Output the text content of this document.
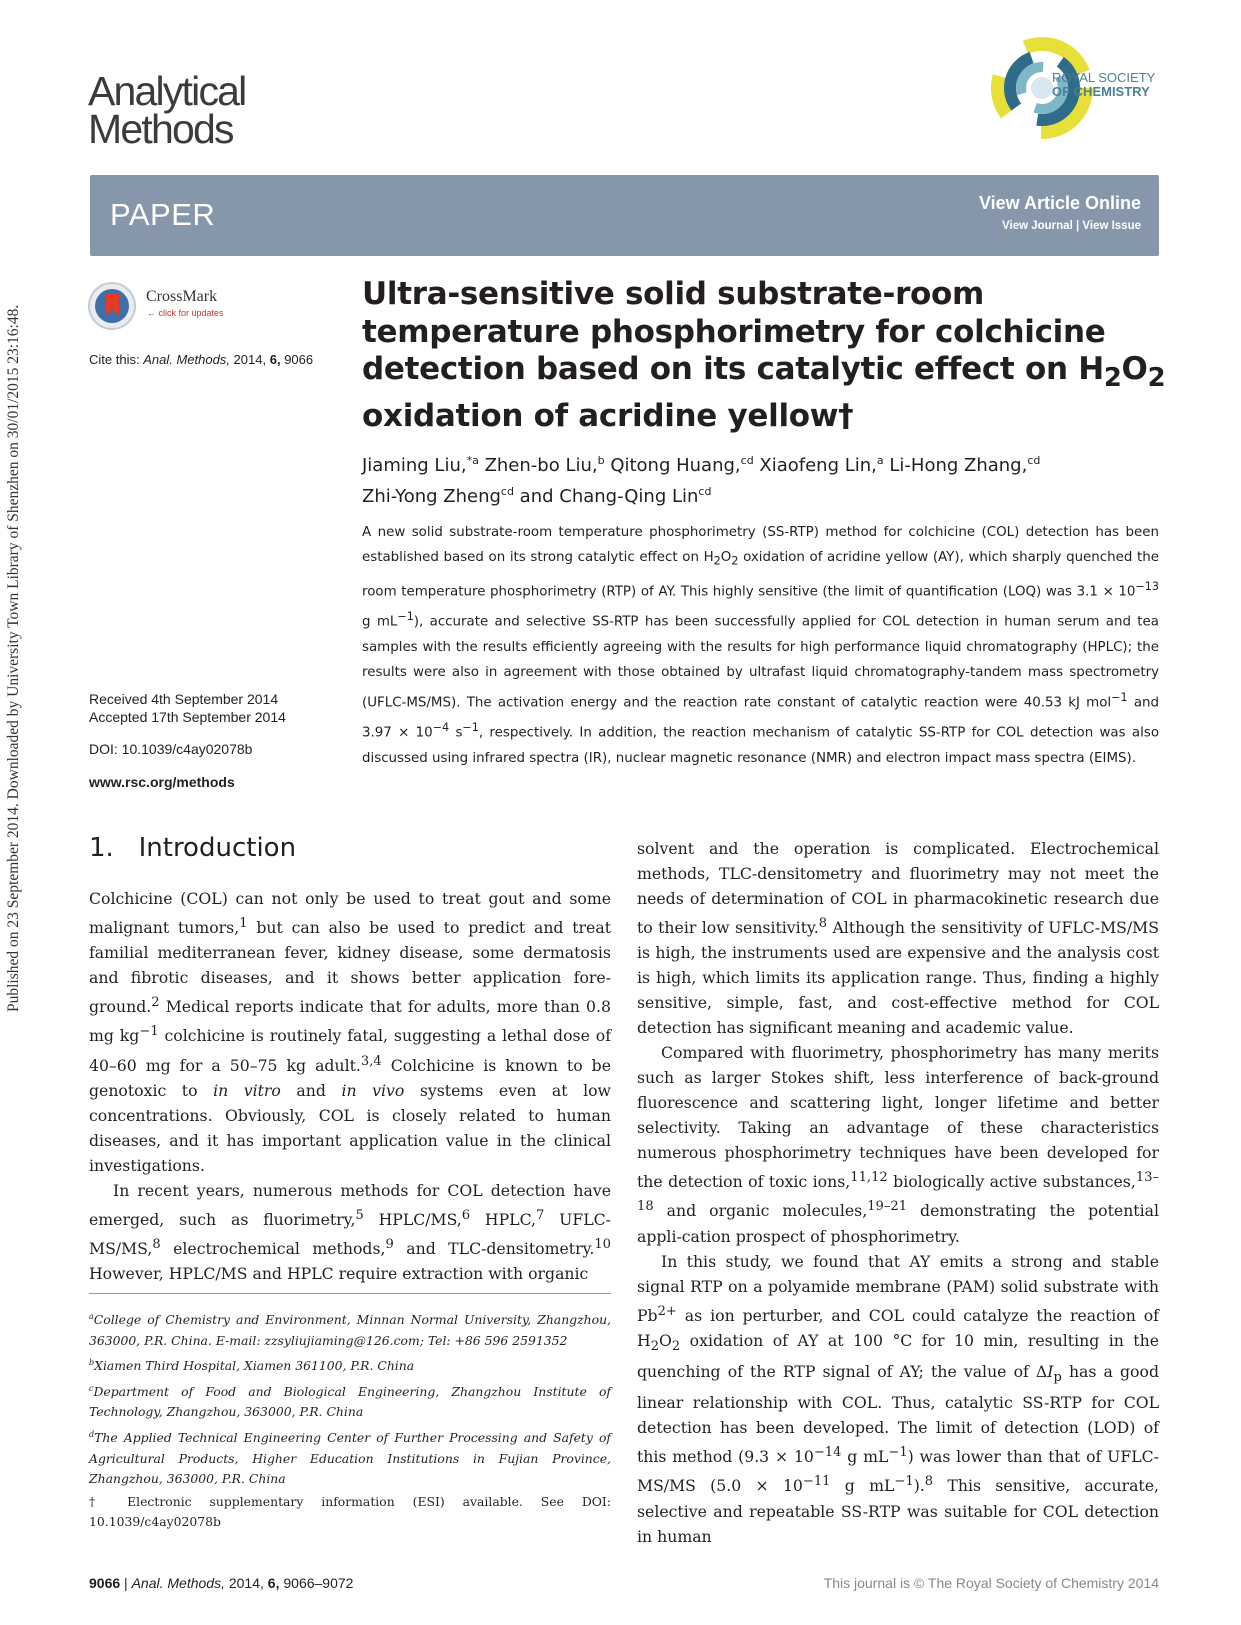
Published on 23 September 2014. Downloaded by University Town Library of Shenzhen on 30/01/2015 23:16:48.
Analytical
Methods
ROYAL SOCIETY
OF CHEMISTRY
PAPER	View Article Online
View Journal | View Issue
CrossMark
← click for updates
Cite this: Anal. Methods, 2014, 6, 9066
Ultra-sensitive solid substrate-room temperature phosphorimetry for colchicine detection based on its catalytic effect on $H_2O_2$ oxidation of acridine yellow†
Jiaming Liu,$^{*a}$ Zhen-bo Liu,$^b$ Qitong Huang,$^{cd}$ Xiaofeng Lin,$^a$ Li-Hong Zhang,$^{cd}$
Zhi-Yong Zheng$^{cd}$ and Chang-Qing Lin$^{cd}$
A new solid substrate-room temperature phosphorimetry (SS-RTP) method for colchicine (COL) detection has been established based on its strong catalytic effect on $H_2O_2$ oxidation of acridine yellow (AY), which sharply quenched the room temperature phosphorimetry (RTP) of AY. This highly sensitive (the limit of quantification (LOQ) was $3.1 \times 10^{-13}$ g $mL^{-1}$), accurate and selective SS-RTP has been successfully applied for COL detection in human serum and tea samples with the results efficiently agreeing with the results for high performance liquid chromatography (HPLC); the results were also in agreement with those obtained by ultrafast liquid chromatography-tandem mass spectrometry (UFLC-MS/MS). The activation energy and the reaction rate constant of catalytic reaction were 40.53 kJ mol$^{-1}$ and $3.97 \times 10^{-4}$ $s^{-1}$, respectively. In addition, the reaction mechanism of catalytic SS-RTP for COL detection was also discussed using infrared spectra (IR), nuclear magnetic resonance (NMR) and electron impact mass spectra (EIMS).
Received 4th September 2014
Accepted 17th September 2014
DOI: 10.1039/c4ay02078b
www.rsc.org/methods
1.   Introduction

Colchicine (COL) can not only be used to treat gout and some malignant tumors,$^1$ but can also be used to predict and treat familial mediterranean fever, kidney disease, some dermatosis and fibrotic diseases, and it shows better application fore-ground.$^2$ Medical reports indicate that for adults, more than 0.8 mg $kg^{-1}$ colchicine is routinely fatal, suggesting a lethal dose of 40–60 mg for a 50–75 kg adult.$^{3,4}$ Colchicine is known to be genotoxic to in vitro and in vivo systems even at low concentrations. Obviously, COL is closely related to human diseases, and it has important application value in the clinical investigations.

In recent years, numerous methods for COL detection have emerged, such as fluorimetry,$^5$ HPLC/MS,$^6$ HPLC,$^7$ UFLC-MS/MS,$^8$ electrochemical methods,$^9$ and TLC-densitometry.$^{10}$ However, HPLC/MS and HPLC require extraction with organic

solvent and the operation is complicated. Electrochemical methods, TLC-densitometry and fluorimetry may not meet the needs of determination of COL in pharmacokinetic research due to their low sensitivity.$^8$ Although the sensitivity of UFLC-MS/MS is high, the instruments used are expensive and the analysis cost is high, which limits its application range. Thus, finding a highly sensitive, simple, fast, and cost-effective method for COL detection has significant meaning and academic value.

Compared with fluorimetry, phosphorimetry has many merits such as larger Stokes shift, less interference of back-ground fluorescence and scattering light, longer lifetime and better selectivity. Taking an advantage of these characteristics numerous phosphorimetry techniques have been developed for the detection of toxic ions,$^{11,12}$ biologically active substances,$^{13-18}$ and organic molecules,$^{19-21}$ demonstrating the potential appli-cation prospect of phosphorimetry.

In this study, we found that AY emits a strong and stable signal RTP on a polyamide membrane (PAM) solid substrate with $Pb^{2+}$ as ion perturber, and COL could catalyze the reaction of $H_2O_2$ oxidation of AY at 100 °C for 10 min, resulting in the quenching of the RTP signal of AY; the value of $\Delta I_p$ has a good linear relationship with COL. Thus, catalytic SS-RTP for COL detection has been developed. The limit of detection (LOD) of this method ($9.3 \times 10^{-14}$ g $mL^{-1}$) was lower than that of UFLC-MS/MS ($5.0 \times 10^{-11}$ g $mL^{-1}).^8$ This sensitive, accurate, selective and repeatable SS-RTP was suitable for COL detection in human

$^a$College of Chemistry and Environment, Minnan Normal University, Zhangzhou, 363000, P.R. China. E-mail: zzsyliujiaming@126.com; Tel: +86 596 2591352
$^b$Xiamen Third Hospital, Xiamen 361100, P.R. China
$^c$Department of Food and Biological Engineering, Zhangzhou Institute of Technology, Zhangzhou, 363000, P.R. China
$^d$The Applied Technical Engineering Center of Further Processing and Safety of Agricultural Products, Higher Education Institutions in Fujian Province, Zhangzhou, 363000, P.R. China
† Electronic supplementary information (ESI) available. See DOI: 10.1039/c4ay02078b
9066 | Anal. Methods, 2014, 6, 9066–9072	This journal is © The Royal Society of Chemistry 2014
